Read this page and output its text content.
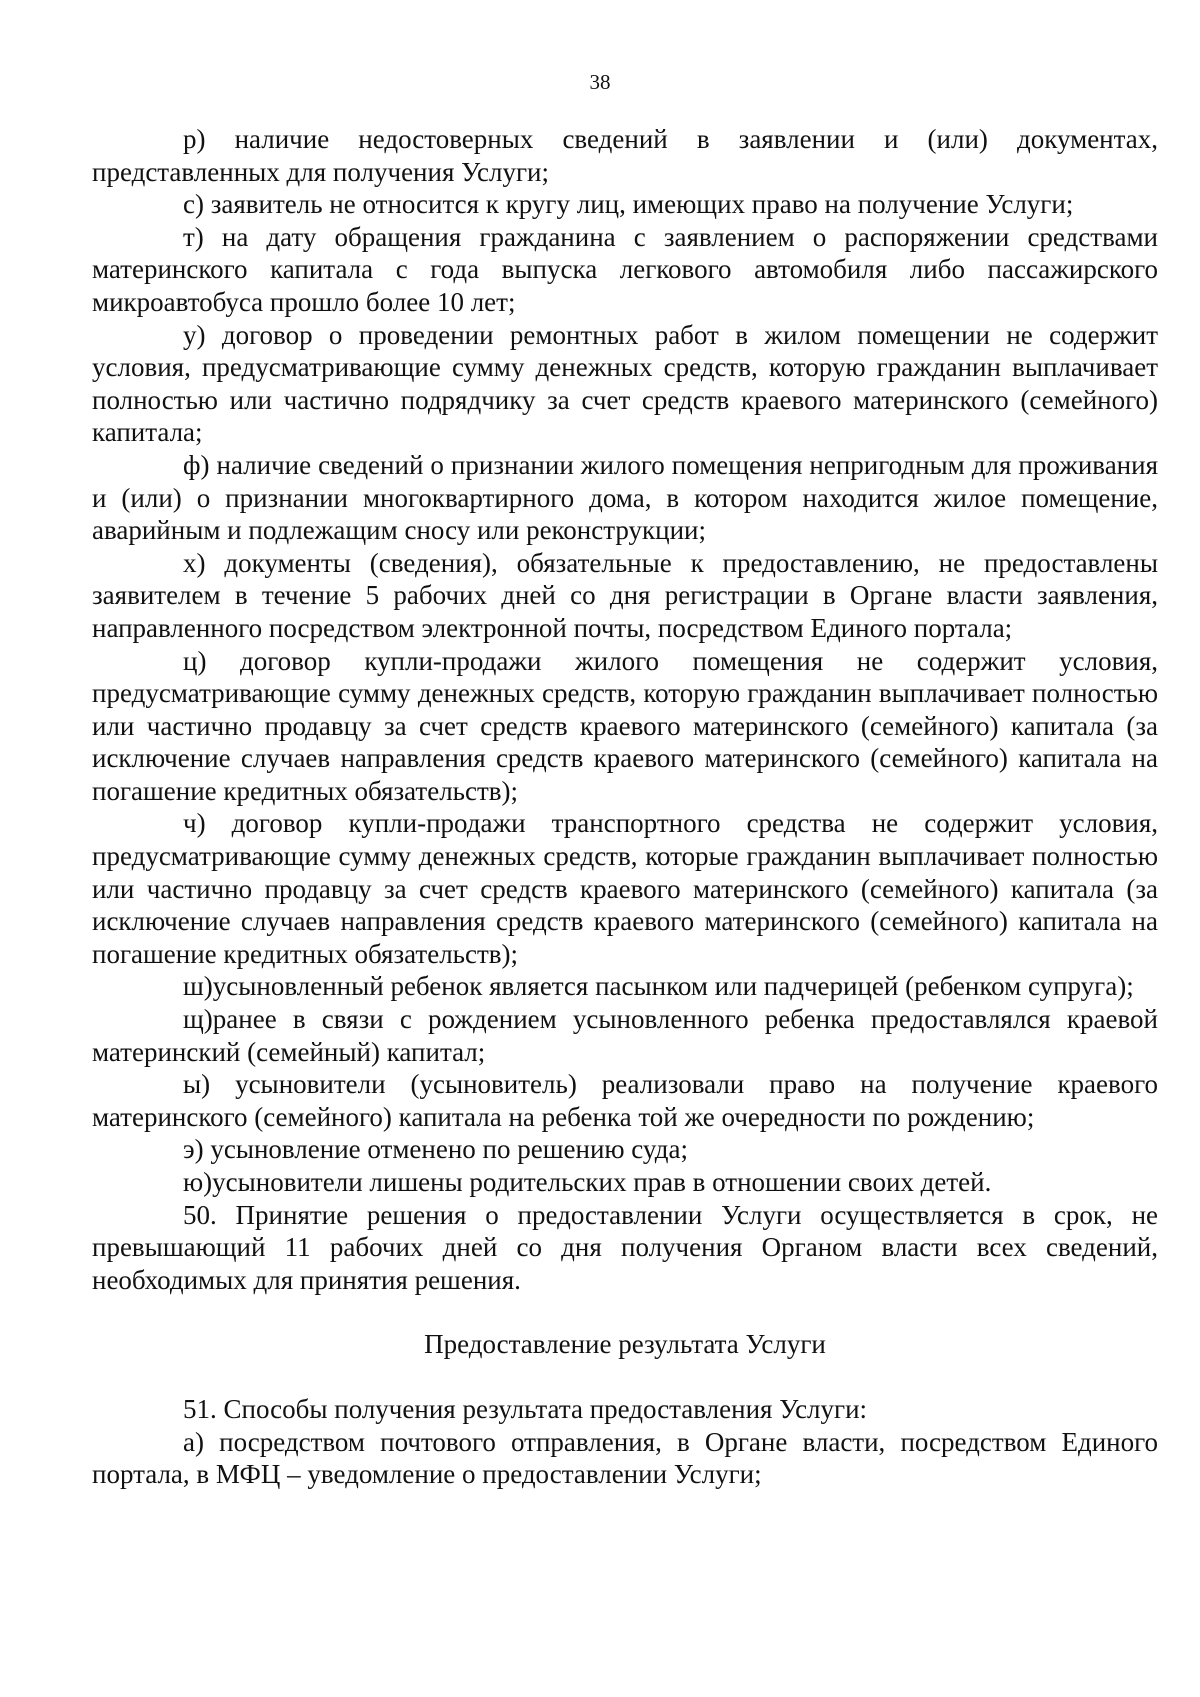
38

р) наличие недостоверных сведений в заявлении и (или) документах, представленных для получения Услуги;

с) заявитель не относится к кругу лиц, имеющих право на получение Услуги;

т) на дату обращения гражданина с заявлением о распоряжении средствами материнского капитала с года выпуска легкового автомобиля либо пассажирского микроавтобуса прошло более 10 лет;

у) договор о проведении ремонтных работ в жилом помещении не содержит условия, предусматривающие сумму денежных средств, которую гражданин выплачивает полностью или частично подрядчику за счет средств краевого материнского (семейного) капитала;

ф) наличие сведений о признании жилого помещения непригодным для проживания и (или) о признании многоквартирного дома, в котором находится жилое помещение, аварийным и подлежащим сносу или реконструкции;

х) документы (сведения), обязательные к предоставлению, не предоставлены заявителем в течение 5 рабочих дней со дня регистрации в Органе власти заявления, направленного посредством электронной почты, посредством Единого портала;

ц) договор купли-продажи жилого помещения не содержит условия, предусматривающие сумму денежных средств, которую гражданин выплачивает полностью или частично продавцу за счет средств краевого материнского (семейного) капитала (за исключение случаев направления средств краевого материнского (семейного) капитала на погашение кредитных обязательств);

ч) договор купли-продажи транспортного средства не содержит условия, предусматривающие сумму денежных средств, которые гражданин выплачивает полностью или частично продавцу за счет средств краевого материнского (семейного) капитала (за исключение случаев направления средств краевого материнского (семейного) капитала на погашение кредитных обязательств);

ш)усыновленный ребенок является пасынком или падчерицей (ребенком супруга);

щ)ранее в связи с рождением усыновленного ребенка предоставлялся краевой материнский (семейный) капитал;

ы) усыновители (усыновитель) реализовали право на получение краевого материнского (семейного) капитала на ребенка той же очередности по рождению;

э) усыновление отменено по решению суда;

ю)усыновители лишены родительских прав в отношении своих детей.

50. Принятие решения о предоставлении Услуги осуществляется в срок, не превышающий 11 рабочих дней со дня получения Органом власти всех сведений, необходимых для принятия решения.

Предоставление результата Услуги

51. Способы получения результата предоставления Услуги:

а) посредством почтового отправления, в Органе власти, посредством Единого портала, в МФЦ – уведомление о предоставлении Услуги;
